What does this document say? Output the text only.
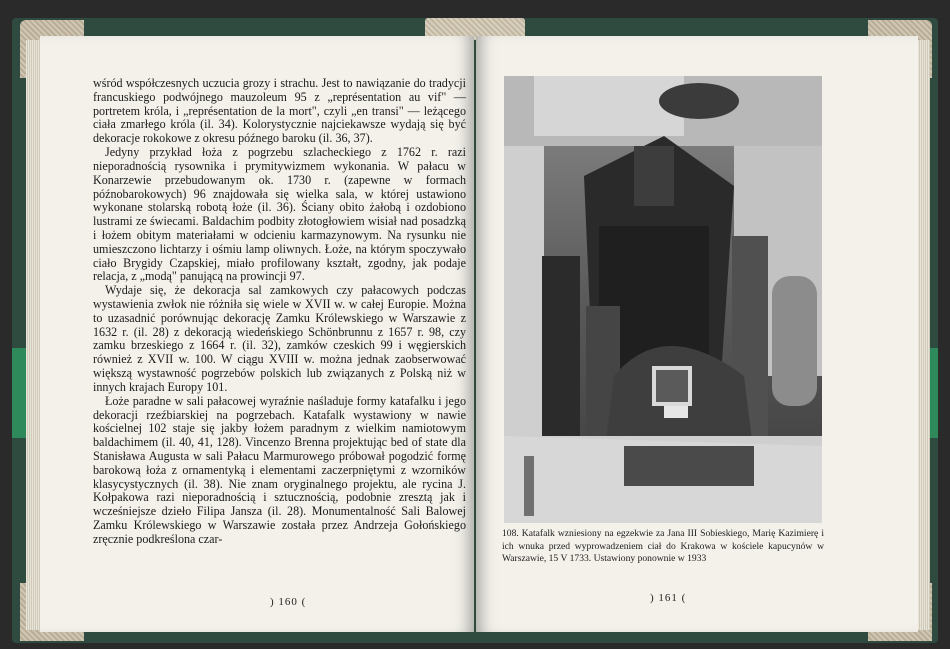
wśród współczesnych uczucia grozy i strachu. Jest to nawiązanie do tradycji francuskiego podwójnego mauzoleum 95 z „représentation au vif" — portretem króla, i „représentation de la mort", czyli „en transi" — leżącego ciała zmarłego króla (il. 34). Kolorystycznie najciekawsze wydają się być dekoracje rokokowe z okresu późnego baroku (il. 36, 37).

Jedyny przykład łoża z pogrzebu szlacheckiego z 1762 r. razi nieporadnością rysownika i prymitywizmem wykonania. W pałacu w Konarzewie przebudowanym ok. 1730 r. (zapewne w formach późnobarokowych) 96 znajdowała się wielka sala, w której ustawiono wykonane stolarską robotą łoże (il. 36). Ściany obito żałobą i ozdobiono lustrami ze świecami. Baldachim podbity złotogłowiem wisiał nad posadzką i łożem obitym materiałami w odcieniu karmazynowym. Na rysunku nie umieszczono lichtarzy i ośmiu lamp oliwnych. Łoże, na którym spoczywało ciało Brygidy Czapskiej, miało profilowany kształt, zgodny, jak podaje relacja, z „modą" panującą na prowincji 97.

Wydaje się, że dekoracja sal zamkowych czy pałacowych podczas wystawienia zwłok nie różniła się wiele w XVII w. w całej Europie. Można to uzasadnić porównując dekorację Zamku Królewskiego w Warszawie z 1632 r. (il. 28) z dekoracją wiedeńskiego Schönbrunnu z 1657 r. 98, czy zamku brzeskiego z 1664 r. (il. 32), zamków czeskich 99 i węgierskich również z XVII w. 100. W ciągu XVIII w. można jednak zaobserwować większą wystawność pogrzebów polskich lub związanych z Polską niż w innych krajach Europy 101.

Łoże paradne w sali pałacowej wyraźnie naśladuje formy katafalku i jego dekoracji rzeźbiarskiej na pogrzebach. Katafalk wystawiony w nawie kościelnej 102 staje się jakby łożem paradnym z wielkim namiotowym baldachimem (il. 40, 41, 128). Vincenzo Brenna projektując bed of state dla Stanisława Augusta w sali Pałacu Marmurowego próbował pogodzić formę barokową łoża z ornamentyką i elementami zaczerpniętymi z wzorników klasycystycznych (il. 38). Nie znam oryginalnego projektu, ale rycina J. Kołpakowa razi nieporadnością i sztucznością, podobnie zresztą jak i wcześniejsze dzieło Filipa Jansza (il. 28). Monumentalność Sali Balowej Zamku Królewskiego w Warszawie została przez Andrzeja Gołońskiego zręcznie podkreślona czar-

) 160 (
108. Katafalk wzniesiony na egzekwie za Jana III Sobieskiego, Marię Kazimierę i ich wnuka przed wyprowadzeniem ciał do Krakowa w kościele kapucynów w Warszawie, 15 V 1733. Ustawiony ponownie w 1933
) 161 (
